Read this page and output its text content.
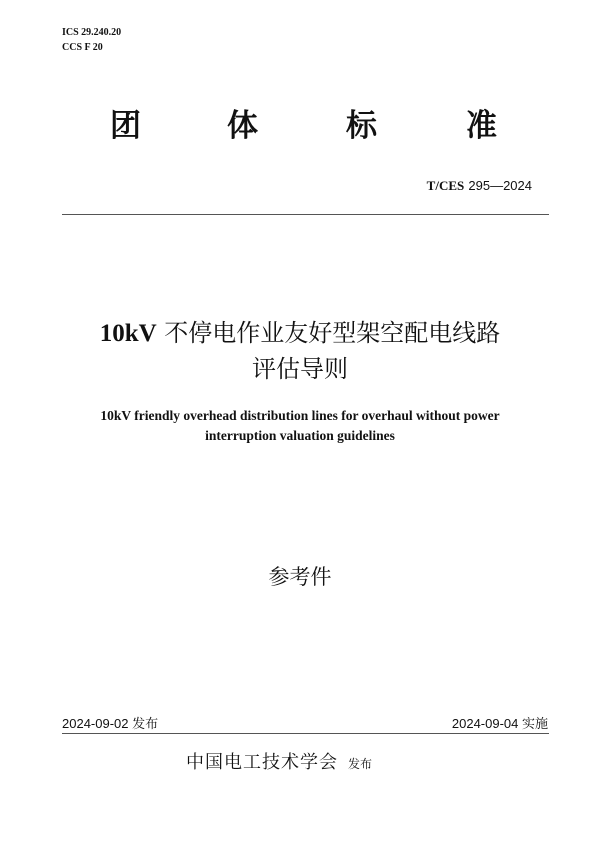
ICS 29.240.20
CCS F 20
团	体	标	准
T/CES 295—2024
10kV 不停电作业友好型架空配电线路
评估导则
10kV friendly overhead distribution lines for overhaul without power
interruption valuation guidelines
参考件
2024-09-02 发布	2024-09-04 实施
中国电工技术学会 发布
